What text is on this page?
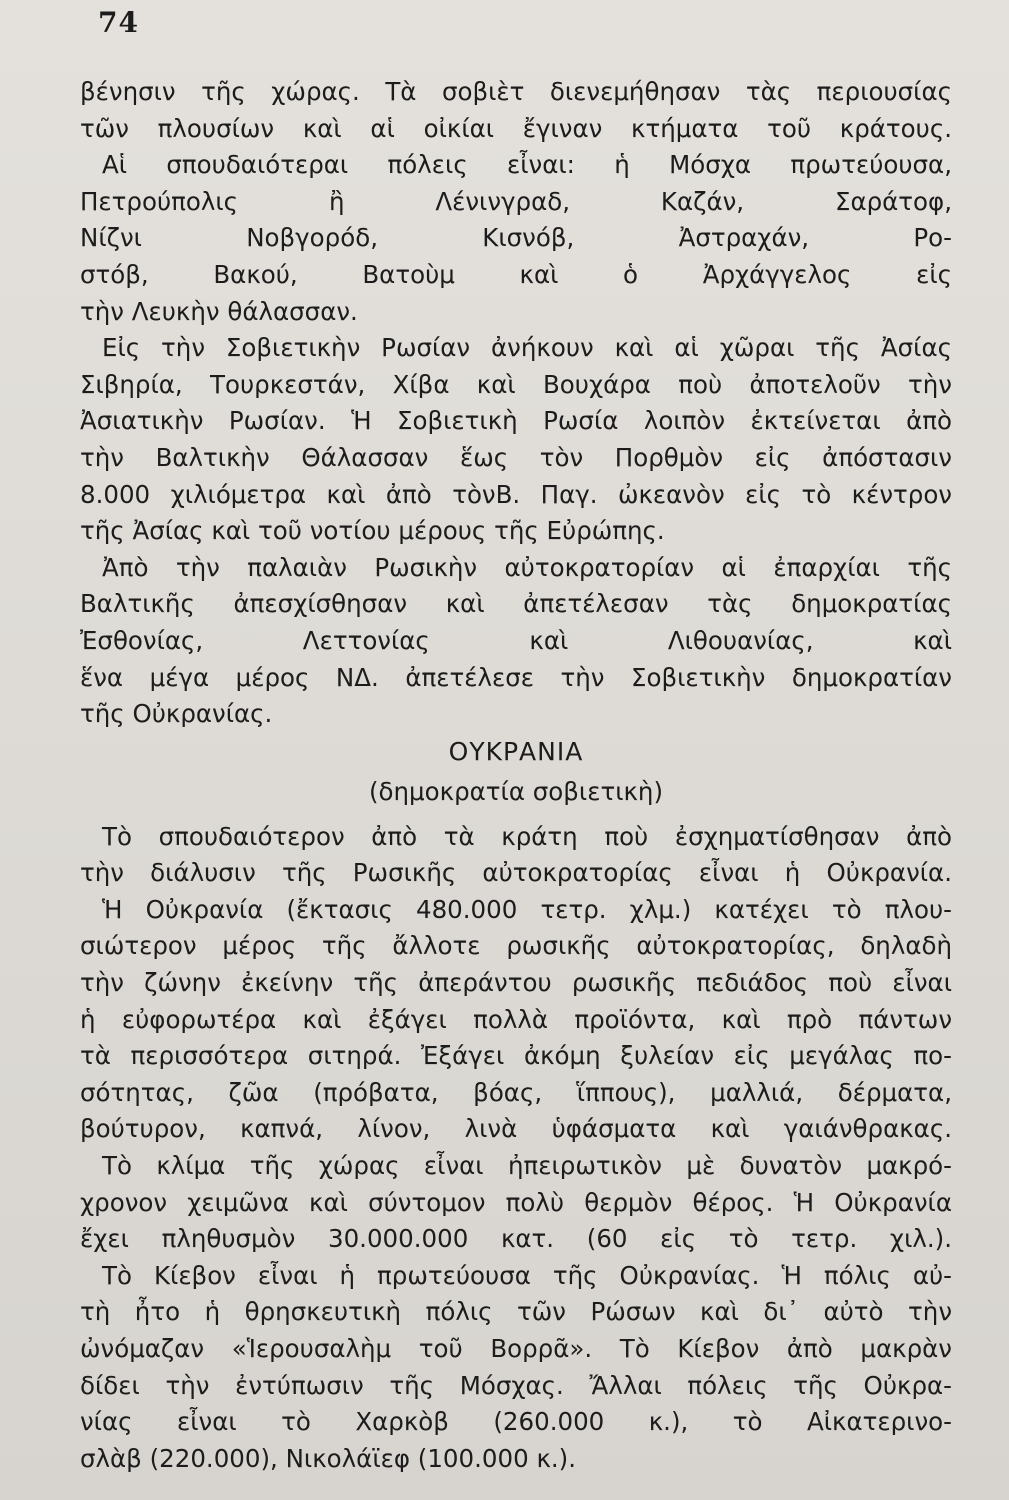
74
βένησιν τῆς χώρας. Τὰ σοβιὲτ διενεμήθησαν τὰς περιουσίας
τῶν πλουσίων καὶ αἱ οἰκίαι ἔγιναν κτήματα τοῦ κράτους.
Αἱ σπουδαιότεραι πόλεις εἶναι: ἡ Μόσχα πρωτεύουσα,
Πετρούπολις ἢ Λένινγραδ, Καζάν, Σαράτοφ,
Νίζνι Νοβγορόδ, Κισνόβ, Ἀστραχάν, Ρο-
στόβ, Βακού, Βατοὺμ καὶ ὁ Ἀρχάγγελος εἰς
τὴν Λευκὴν θάλασσαν.
Εἰς τὴν Σοβιετικὴν Ρωσίαν ἀνήκουν καὶ αἱ χῶραι τῆς Ἀσίας
Σιβηρία, Τουρκεστάν, Χίβα καὶ Βουχάρα ποὺ ἀποτελοῦν τὴν
Ἀσιατικὴν Ρωσίαν. Ἡ Σοβιετικὴ Ρωσία λοιπὸν ἐκτείνεται ἀπὸ
τὴν Βαλτικὴν Θάλασσαν ἕως τὸν Πορθμὸν εἰς ἀπόστασιν
8.000 χιλιόμετρα καὶ ἀπὸ τὸνΒ. Παγ. ὠκεανὸν εἰς τὸ κέντρον
τῆς Ἀσίας καὶ τοῦ νοτίου μέρους τῆς Εὐρώπης.
Ἀπὸ τὴν παλαιὰν Ρωσικὴν αὐτοκρατορίαν αἱ ἐπαρχίαι τῆς
Βαλτικῆς ἀπεσχίσθησαν καὶ ἀπετέλεσαν τὰς δημοκρατίας
Ἐσθονίας, Λεττονίας καὶ Λιθουανίας, καὶ
ἕνα μέγα μέρος ΝΔ. ἀπετέλεσε τὴν Σοβιετικὴν δημοκρατίαν
τῆς Οὐκρανίας.
ΟΥΚΡΑΝΙΑ
(δημοκρατία σοβιετικὴ)
Τὸ σπουδαιότερον ἀπὸ τὰ κράτη ποὺ ἐσχηματίσθησαν ἀπὸ
τὴν διάλυσιν τῆς Ρωσικῆς αὐτοκρατορίας εἶναι ἡ Οὐκρανία.
Ἡ Οὐκρανία (ἔκτασις 480.000 τετρ. χλμ.) κατέχει τὸ πλου-
σιώτερον μέρος τῆς ἄλλοτε ρωσικῆς αὐτοκρατορίας, δηλαδὴ
τὴν ζώνην ἐκείνην τῆς ἀπεράντου ρωσικῆς πεδιάδος ποὺ εἶναι
ἡ εὐφορωτέρα καὶ ἐξάγει πολλὰ προϊόντα, καὶ πρὸ πάντων
τὰ περισσότερα σιτηρά. Ἐξάγει ἀκόμη ξυλείαν εἰς μεγάλας πο-
σότητας, ζῶα (πρόβατα, βόας, ἵππους), μαλλιά, δέρματα,
βούτυρον, καπνά, λίνον, λινὰ ὑφάσματα καὶ γαιάνθρακας.
Τὸ κλίμα τῆς χώρας εἶναι ἠπειρωτικὸν μὲ δυνατὸν μακρό-
χρονον χειμῶνα καὶ σύντομον πολὺ θερμὸν θέρος. Ἡ Οὐκρανία
ἔχει πληθυσμὸν 30.000.000 κατ. (60 εἰς τὸ τετρ. χιλ.).
Τὸ Κίεβον εἶναι ἡ πρωτεύουσα τῆς Οὐκρανίας. Ἡ πόλις αὐ-
τὴ ἦτο ἡ θρησκευτικὴ πόλις τῶν Ρώσων καὶ δι᾽ αὐτὸ τὴν
ὠνόμαζαν «Ἱερουσαλὴμ τοῦ Βορρᾶ». Τὸ Κίεβον ἀπὸ μακρὰν
δίδει τὴν ἐντύπωσιν τῆς Μόσχας. Ἄλλαι πόλεις τῆς Οὐκρα-
νίας εἶναι τὸ Χαρκὸβ (260.000 κ.), τὸ Αἰκατερινο-
σλὰβ (220.000), Νικολάϊεφ (100.000 κ.).
